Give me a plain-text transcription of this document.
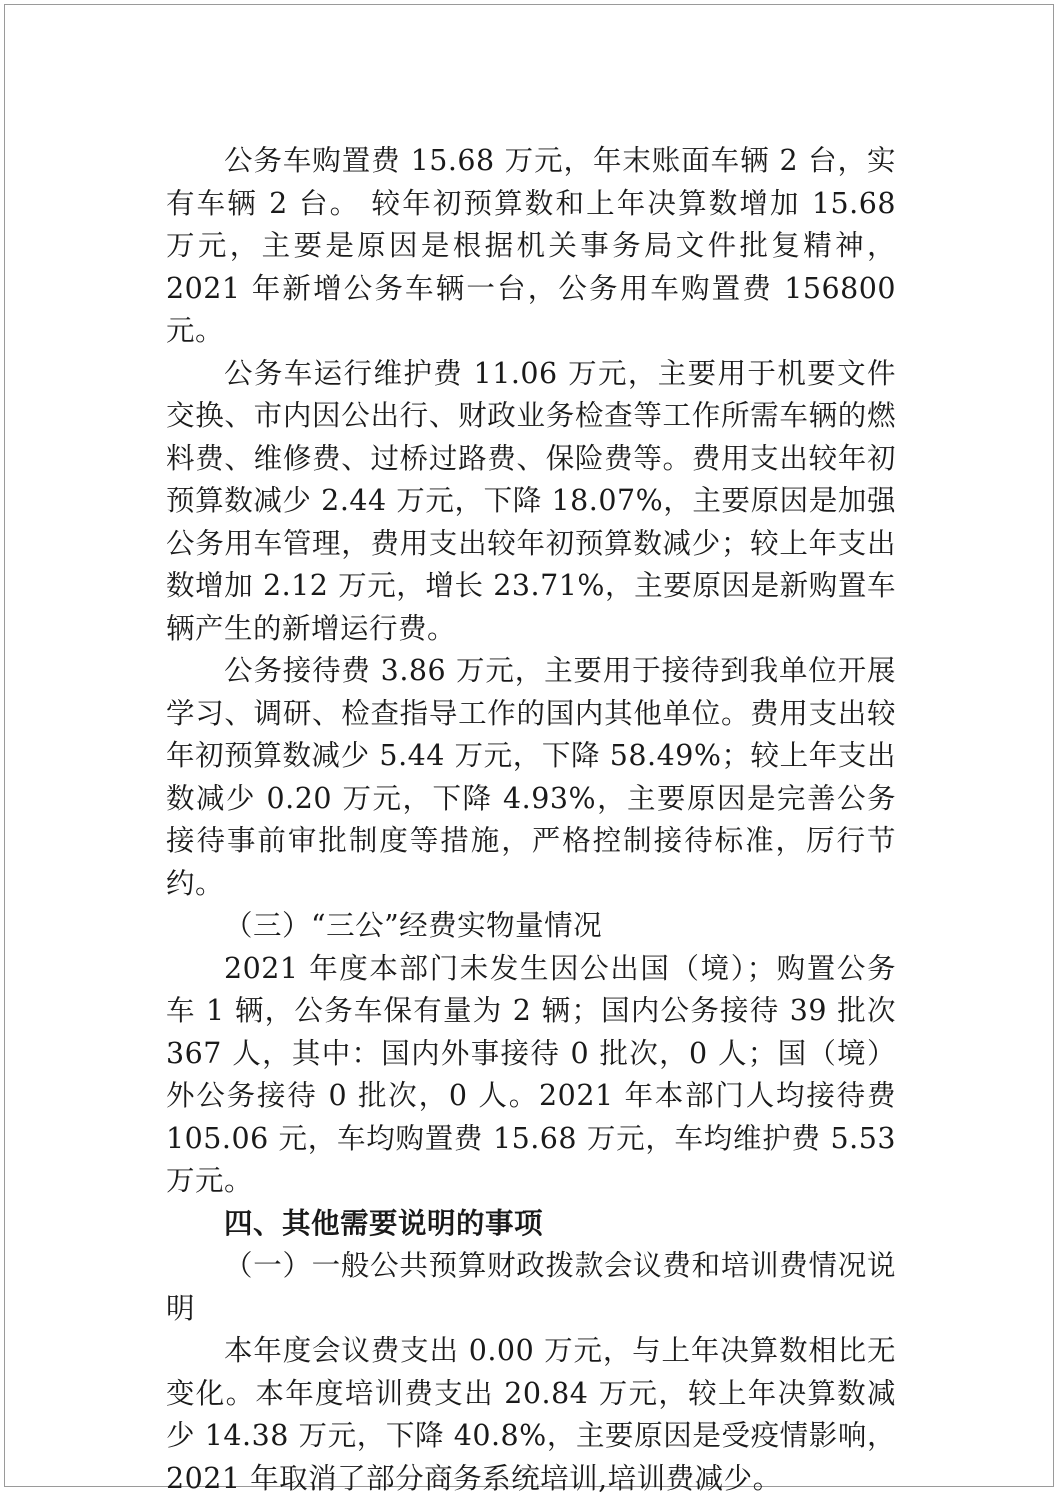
公务车购置费 15.68 万元，年末账面车辆 2 台，实有车辆 2 台。 较年初预算数和上年决算数增加 15.68 万元，主要是原因是根据机关事务局文件批复精神，2021 年新增公务车辆一台，公务用车购置费 156800 元。

公务车运行维护费 11.06 万元，主要用于机要文件交换、市内因公出行、财政业务检查等工作所需车辆的燃料费、维修费、过桥过路费、保险费等。费用支出较年初预算数减少 2.44 万元，下降 18.07%，主要原因是加强公务用车管理，费用支出较年初预算数减少；较上年支出数增加 2.12 万元，增长 23.71%，主要原因是新购置车辆产生的新增运行费。

公务接待费 3.86 万元，主要用于接待到我单位开展学习、调研、检查指导工作的国内其他单位。费用支出较年初预算数减少 5.44 万元，下降 58.49%；较上年支出数减少 0.20 万元，下降 4.93%，主要原因是完善公务接待事前审批制度等措施，严格控制接待标准，厉行节约。

（三）“三公”经费实物量情况

2021 年度本部门未发生因公出国（境）；购置公务车 1 辆，公务车保有量为 2 辆；国内公务接待 39 批次 367 人，其中：国内外事接待 0 批次，0 人；国（境）外公务接待 0 批次，0 人。2021 年本部门人均接待费 105.06 元，车均购置费 15.68 万元，车均维护费 5.53 万元。

四、其他需要说明的事项

（一）一般公共预算财政拨款会议费和培训费情况说明

本年度会议费支出 0.00 万元，与上年决算数相比无变化。本年度培训费支出 20.84 万元，较上年决算数减少 14.38 万元，下降 40.8%，主要原因是受疫情影响，2021 年取消了部分商务系统培训,培训费减少。
